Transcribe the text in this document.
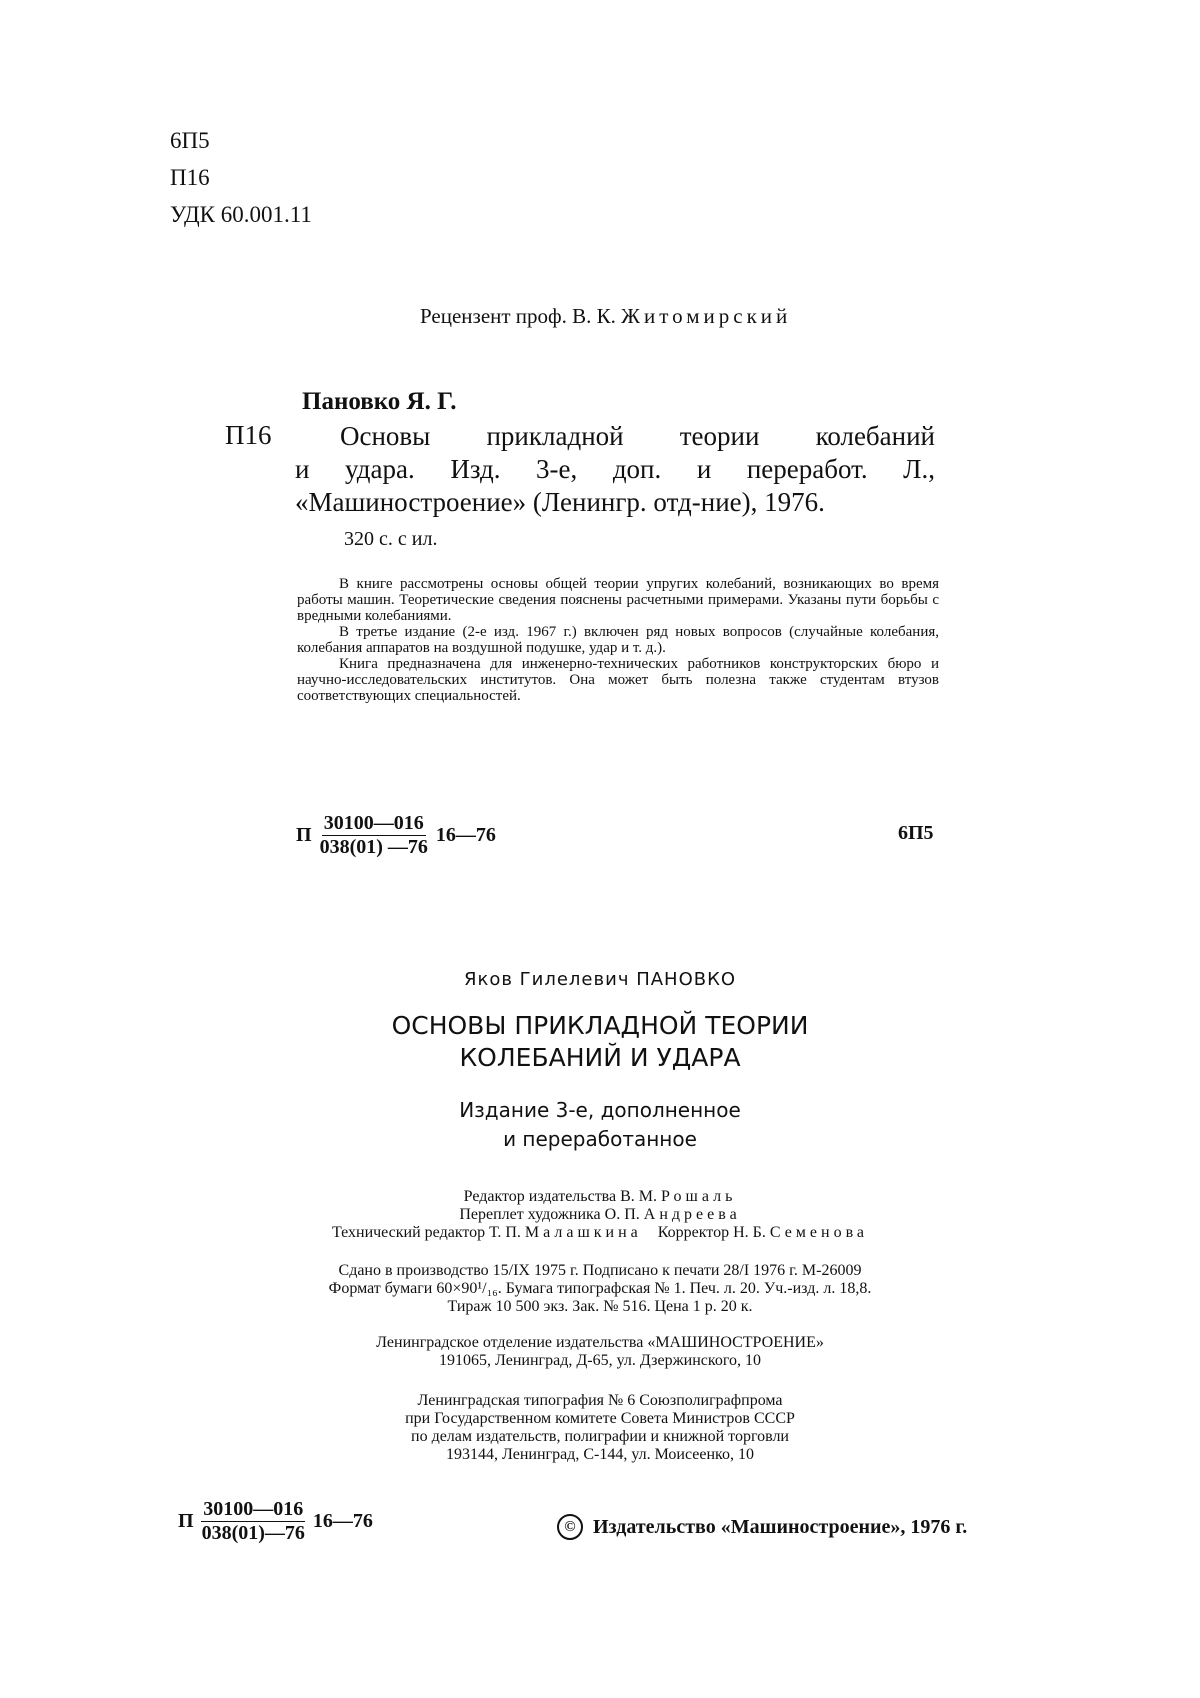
6П5
П16
УДК 60.001.11
Рецензент проф. В. К. Житомирский
Пановко Я. Г.
П16	Основы прикладной теории колебаний
и удара. Изд. 3-е, доп. и переработ. Л.,
«Машиностроение» (Ленингр. отд-ние), 1976.
320 с. с ил.

В книге рассмотрены основы общей теории упругих колебаний, возникающих во время работы машин. Теоретические сведения пояснены расчетными примерами. Указаны пути борьбы с вредными колебаниями.

В третье издание (2-е изд. 1967 г.) включен ряд новых вопросов (случайные колебания, колебания аппаратов на воздушной подушке, удар и т. д.).

Книга предназначена для инженерно-технических работников конструкторских бюро и научно-исследовательских институтов. Она может быть полезна также студентам втузов соответствующих специальностей.

П $\frac{30100—016}{038(01) —76}$ 16—76	6П5
Яков Гилелевич ПАНОВКО
ОСНОВЫ ПРИКЛАДНОЙ ТЕОРИИ
КОЛЕБАНИЙ И УДАРА
Издание 3-е, дополненное
и переработанное
Редактор издательства В. М. Рошаль
Переплет художника О. П. Андреева
Технический редактор Т. П. Малашкина Корректор Н. Б. Семенова
Сдано в производство 15/IX 1975 г. Подписано к печати 28/I 1976 г. М-26009
Формат бумаги 60×90¹/₁₆. Бумага типографская № 1. Печ. л. 20. Уч.-изд. л. 18,8.
Тираж 10 500 экз. Зак. № 516. Цена 1 р. 20 к.
Ленинградское отделение издательства «МАШИНОСТРОЕНИЕ»
191065, Ленинград, Д-65, ул. Дзержинского, 10
Ленинградская типография № 6 Союзполиграфпрома
при Государственном комитете Совета Министров СССР
по делам издательств, полиграфии и книжной торговли
193144, Ленинград, С-144, ул. Моисеенко, 10
П $\frac{30100—016}{038(01)—76}$ 16—76	© Издательство «Машиностроение», 1976 г.
